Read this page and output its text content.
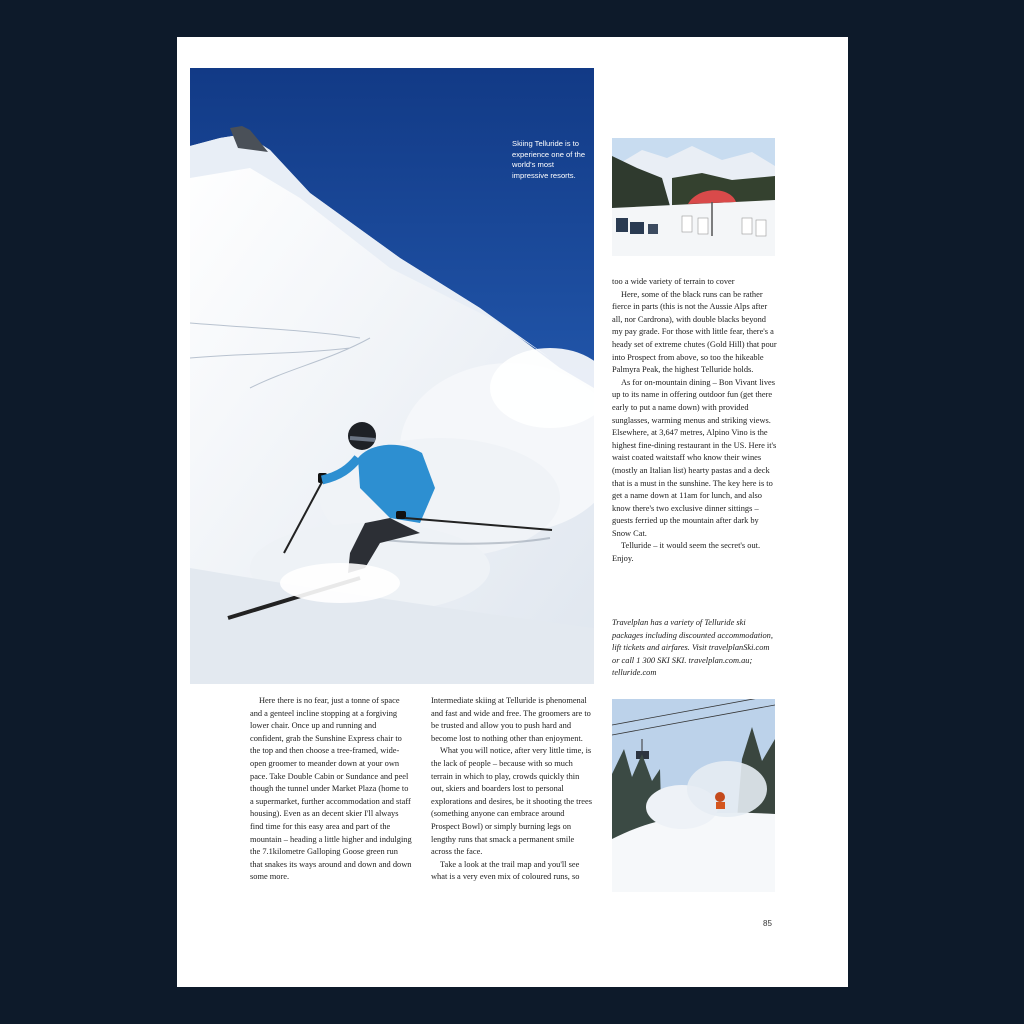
Skiing Telluride is to experience one of the world's most impressive resorts.

Here there is no fear, just a tonne of space and a genteel incline stopping at a forgiving lower chair. Once up and running and confident, grab the Sunshine Express chair to the top and then choose a tree-framed, wide-open groomer to meander down at your own pace. Take Double Cabin or Sundance and peel though the tunnel under Market Plaza (home to a supermarket, further accommodation and staff housing). Even as an decent skier I'll always find time for this easy area and part of the mountain – heading a little higher and indulging the 7.1kilometre Galloping Goose green run that snakes its ways around and down and down some more.

Intermediate skiing at Telluride is phenomenal and fast and wide and free. The groomers are to be trusted and allow you to push hard and become lost to nothing other than enjoyment.

What you will notice, after very little time, is the lack of people – because with so much terrain in which to play, crowds quickly thin out, skiers and boarders lost to personal explorations and desires, be it shooting the trees (something anyone can embrace around Prospect Bowl) or simply burning legs on lengthy runs that smack a permanent smile across the face.

Take a look at the trail map and you'll see what is a very even mix of coloured runs, so

too a wide variety of terrain to cover

Here, some of the black runs can be rather fierce in parts (this is not the Aussie Alps after all, nor Cardrona), with double blacks beyond my pay grade. For those with little fear, there's a heady set of extreme chutes (Gold Hill) that pour into Prospect from above, so too the hikeable Palmyra Peak, the highest Telluride holds.

As for on-mountain dining – Bon Vivant lives up to its name in offering outdoor fun (get there early to put a name down) with provided sunglasses, warming menus and striking views. Elsewhere, at 3,647 metres, Alpino Vino is the highest fine-dining restaurant in the US. Here it's waist coated waitstaff who know their wines (mostly an Italian list) hearty pastas and a deck that is a must in the sunshine. The key here is to get a name down at 11am for lunch, and also know there's two exclusive dinner sittings – guests ferried up the mountain after dark by Snow Cat.

Telluride – it would seem the secret's out. Enjoy.

Travelplan has a variety of Telluride ski packages including discounted accommodation, lift tickets and airfares. Visit travelplanSki.com or call 1 300 SKI SKI. travelplan.com.au; telluride.com
85
